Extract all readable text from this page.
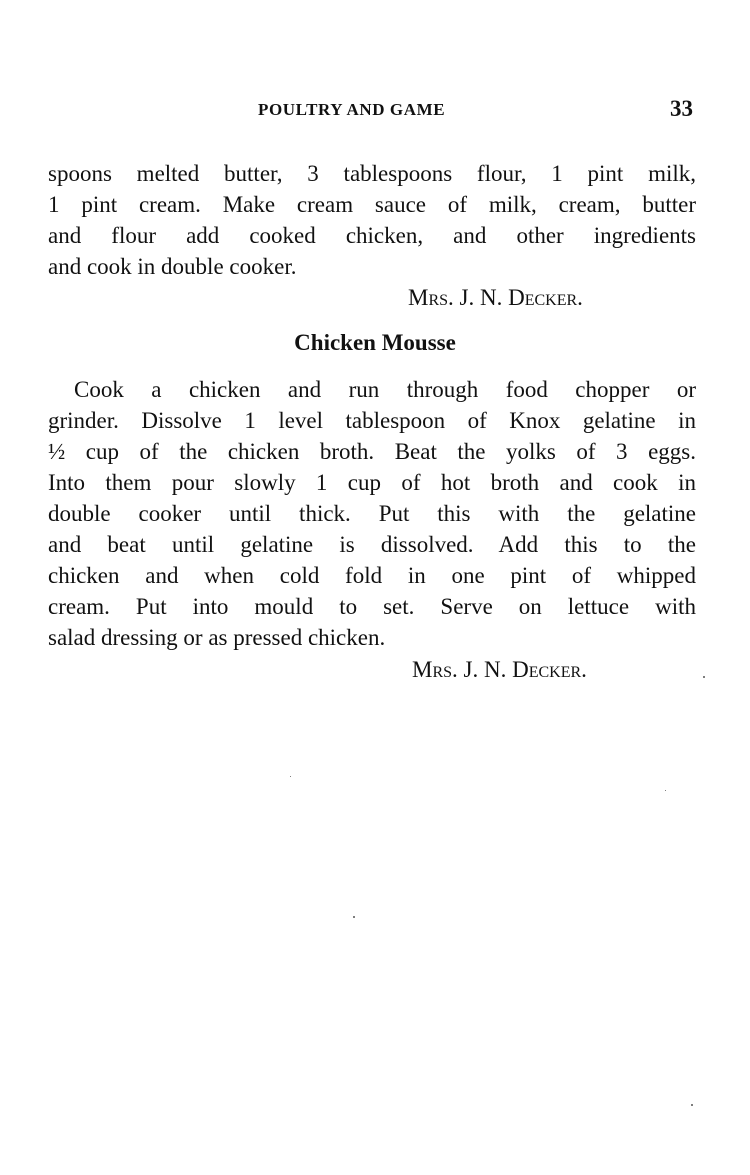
POULTRY AND GAME	33
spoons melted butter, 3 tablespoons flour, 1 pint milk,
1 pint cream. Make cream sauce of milk, cream, butter
and flour add cooked chicken, and other ingredients
and cook in double cooker.
Mrs. J. N. Decker.
Chicken Mousse
Cook a chicken and run through food chopper or
grinder. Dissolve 1 level tablespoon of Knox gelatine in
½ cup of the chicken broth. Beat the yolks of 3 eggs.
Into them pour slowly 1 cup of hot broth and cook in
double cooker until thick. Put this with the gelatine
and beat until gelatine is dissolved. Add this to the
chicken and when cold fold in one pint of whipped
cream. Put into mould to set. Serve on lettuce with
salad dressing or as pressed chicken.
Mrs. J. N. Decker.
